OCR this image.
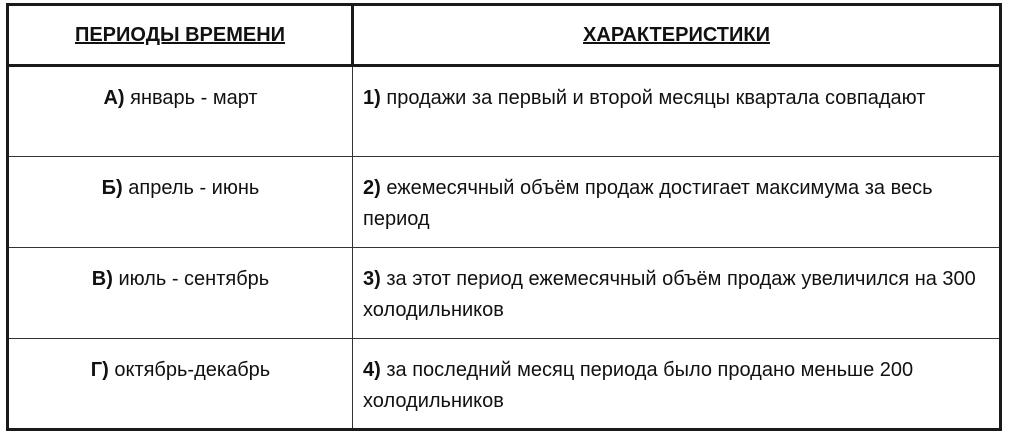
ПЕРИОДЫ ВРЕМЕНИ	ХАРАКТЕРИСТИКИ
А) январь - март	1) продажи за первый и второй месяцы квартала совпадают
Б) апрель - июнь	2) ежемесячный объём продаж достигает максимума за весь период
В) июль - сентябрь	3) за этот период ежемесячный объём продаж увеличился на 300 холодильников
Г) октябрь-декабрь	4) за последний месяц периода было продано меньше 200 холодильников
